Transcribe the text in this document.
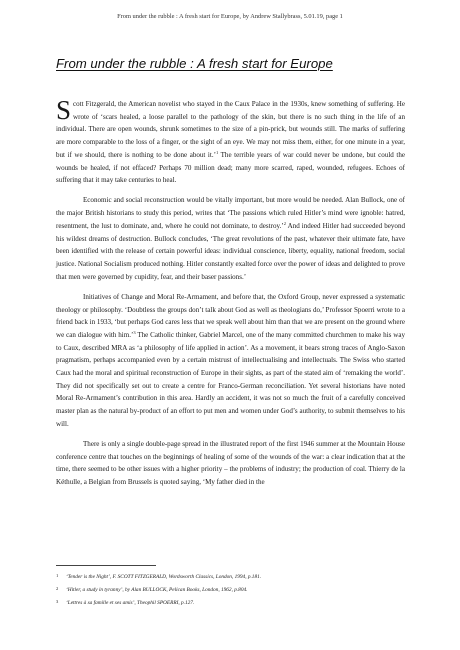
From under the rubble : A fresh start for Europe, by Andrew Stallybrass, 5.01.19, page 1
From under the rubble : A fresh start for Europe

Scott Fitzgerald, the American novelist who stayed in the Caux Palace in the 1930s, knew something of suffering. He wrote of ‘scars healed, a loose parallel to the pathology of the skin, but there is no such thing in the life of an individual. There are open wounds, shrunk sometimes to the size of a pin-prick, but wounds still. The marks of suffering are more comparable to the loss of a finger, or the sight of an eye. We may not miss them, either, for one minute in a year, but if we should, there is nothing to be done about it.’$^1$ The terrible years of war could never be undone, but could the wounds be healed, if not effaced? Perhaps 70 million dead; many more scarred, raped, wounded, refugees. Echoes of suffering that it may take centuries to heal.

Economic and social reconstruction would be vitally important, but more would be needed. Alan Bullock, one of the major British historians to study this period, writes that ‘The passions which ruled Hitler’s mind were ignoble: hatred, resentment, the lust to dominate, and, where he could not dominate, to destroy.’$^2$ And indeed Hitler had succeeded beyond his wildest dreams of destruction. Bullock concludes, ‘The great revolutions of the past, whatever their ultimate fate, have been identified with the release of certain powerful ideas: individual conscience, liberty, equality, national freedom, social justice. National Socialism produced nothing. Hitler constantly exalted force over the power of ideas and delighted to prove that men were governed by cupidity, fear, and their baser passions.’

Initiatives of Change and Moral Re-Armament, and before that, the Oxford Group, never expressed a systematic theology or philosophy. ‘Doubtless the groups don’t talk about God as well as theologians do,’ Professor Spoerri wrote to a friend back in 1933, ‘but perhaps God cares less that we speak well about him than that we are present on the ground where we can dialogue with him.’$^3$ The Catholic thinker, Gabriel Marcel, one of the many committed churchmen to make his way to Caux, described MRA as ‘a philosophy of life applied in action’. As a movement, it bears strong traces of Anglo-Saxon pragmatism, perhaps accompanied even by a certain mistrust of intellectualising and intellectuals. The Swiss who started Caux had the moral and spiritual reconstruction of Europe in their sights, as part of the stated aim of ‘remaking the world’. They did not specifically set out to create a centre for Franco-German reconciliation. Yet several historians have noted Moral Re-Armament’s contribution in this area. Hardly an accident, it was not so much the fruit of a carefully conceived master plan as the natural by-product of an effort to put men and women under God’s authority, to submit themselves to his will.

There is only a single double-page spread in the illustrated report of the first 1946 summer at the Mountain House conference centre that touches on the beginnings of healing of some of the wounds of the war: a clear indication that at the time, there seemed to be other issues with a higher priority – the problems of industry; the production of coal. Thierry de la Kéthulle, a Belgian from Brussels is quoted saying, ‘My father died in the

1 ‘Tender is the Night’, F. SCOTT FITZGERALD, Wordsworth Classics, London, 1994, p.181.
2 ‘Hitler, a study in tyranny’, by Alan BULLOCK, Pelican Books, London, 1962, p.804.
3 ‘Lettres à sa famille et ses amis’, Theophil SPOERRI, p.127.
